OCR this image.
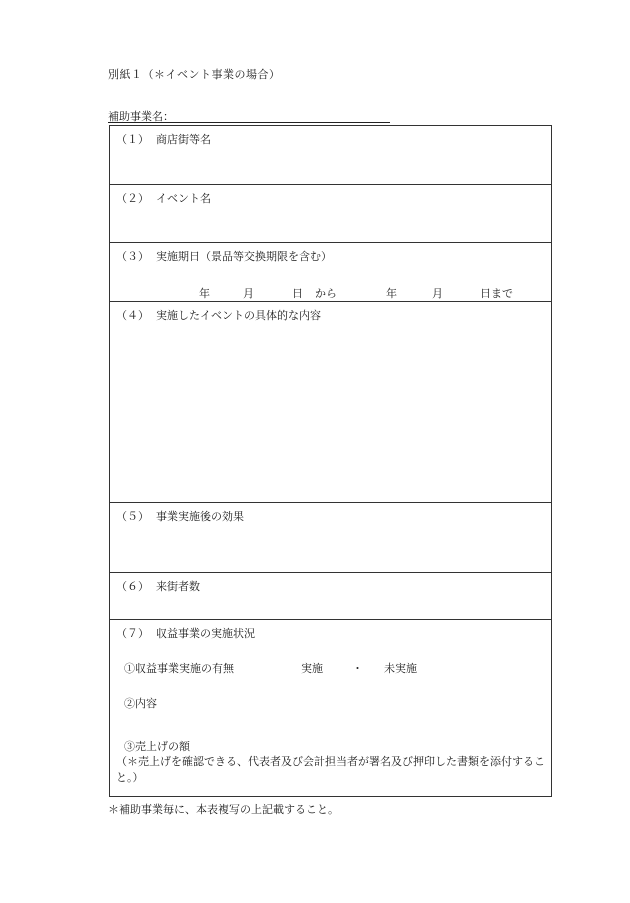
別紙１（＊イベント事業の場合）
補助事業名：
（１） 商店街等名
（２） イベント名
（３） 実施期日（景品等交換期限を含む）
年	月	日 から	年	月	日まで
（４） 実施したイベントの具体的な内容
（５） 事業実施後の効果
（６） 来街者数
（７） 収益事業の実施状況
①収益事業実施の有無	実施	・ 未実施
②内容
③売上げの額
（＊売上げを確認できる、代表者及び会計担当者が署名及び押印した書類を添付すること。）
＊補助事業毎に、本表複写の上記載すること。
